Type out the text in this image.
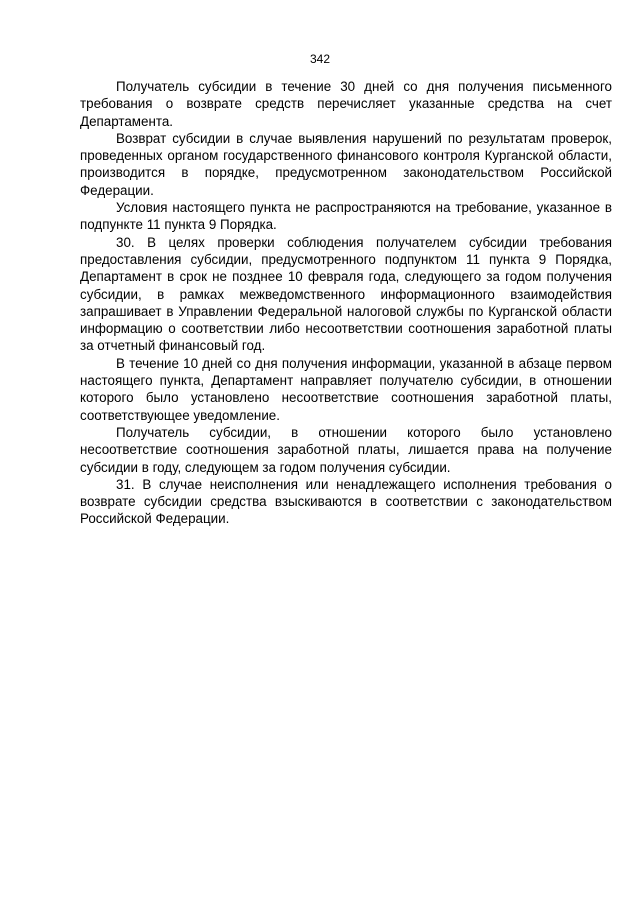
342

Получатель субсидии в течение 30 дней со дня получения письменного требования о возврате средств перечисляет указанные средства на счет Департамента.

Возврат субсидии в случае выявления нарушений по результатам проверок, проведенных органом государственного финансового контроля Курганской области, производится в порядке, предусмотренном законодательством Российской Федерации.

Условия настоящего пункта не распространяются на требование, указанное в подпункте 11 пункта 9 Порядка.

30. В целях проверки соблюдения получателем субсидии требования предоставления субсидии, предусмотренного подпунктом 11 пункта 9 Порядка, Департамент в срок не позднее 10 февраля года, следующего за годом получения субсидии, в рамках межведомственного информационного взаимодействия запрашивает в Управлении Федеральной налоговой службы по Курганской области информацию о соответствии либо несоответствии соотношения заработной платы за отчетный финансовый год.

В течение 10 дней со дня получения информации, указанной в абзаце первом настоящего пункта, Департамент направляет получателю субсидии, в отношении которого было установлено несоответствие соотношения заработной платы, соответствующее уведомление.

Получатель субсидии, в отношении которого было установлено несоответствие соотношения заработной платы, лишается права на получение субсидии в году, следующем за годом получения субсидии.

31. В случае неисполнения или ненадлежащего исполнения требования о возврате субсидии средства взыскиваются в соответствии с законодательством Российской Федерации.
